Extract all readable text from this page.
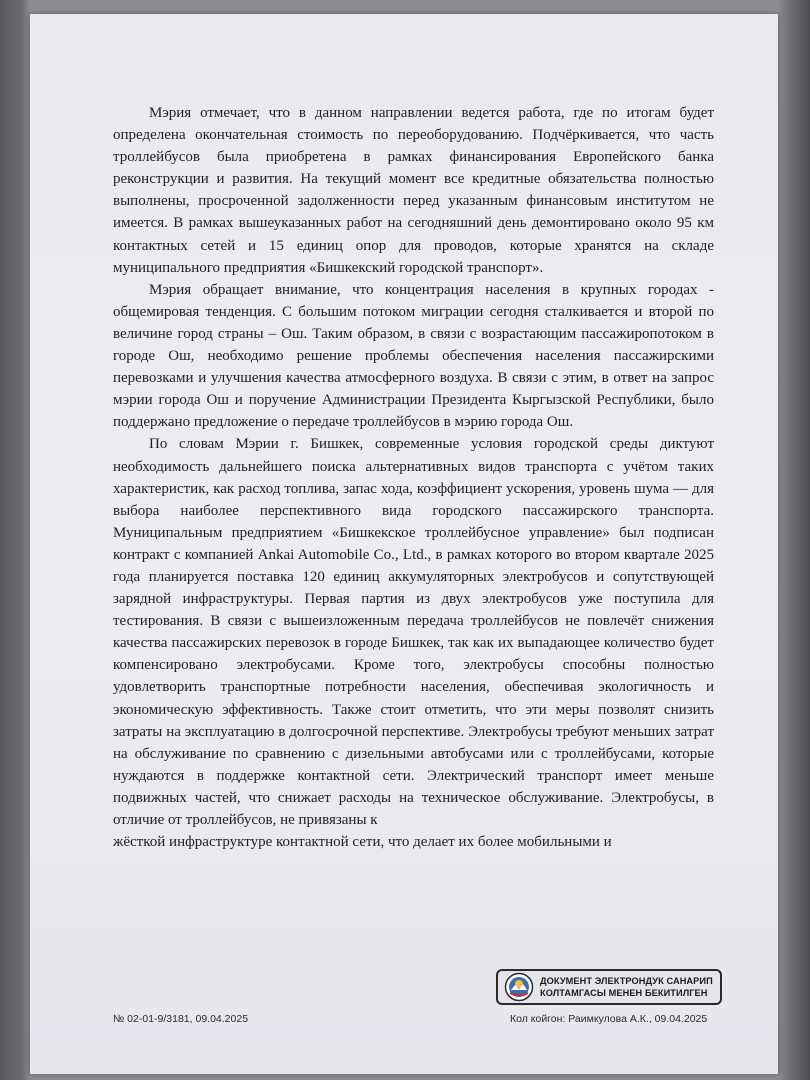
Мэрия отмечает, что в данном направлении ведется работа, где по итогам будет определена окончательная стоимость по переоборудованию. Подчёркивается, что часть троллейбусов была приобретена в рамках финансирования Европейского банка реконструкции и развития. На текущий момент все кредитные обязательства полностью выполнены, просроченной задолженности перед указанным финансовым институтом не имеется. В рамках вышеуказанных работ на сегодняшний день демонтировано около 95 км контактных сетей и 15 единиц опор для проводов, которые хранятся на складе муниципального предприятия «Бишкекский городской транспорт».

Мэрия обращает внимание, что концентрация населения в крупных городах - общемировая тенденция. С большим потоком миграции сегодня сталкивается и второй по величине город страны – Ош. Таким образом, в связи с возрастающим пассажиропотоком в городе Ош, необходимо решение проблемы обеспечения населения пассажирскими перевозками и улучшения качества атмосферного воздуха. В связи с этим, в ответ на запрос мэрии города Ош и поручение Администрации Президента Кыргызской Республики, было поддержано предложение о передаче троллейбусов в мэрию города Ош.

По словам Мэрии г. Бишкек, современные условия городской среды диктуют необходимость дальнейшего поиска альтернативных видов транспорта с учётом таких характеристик, как расход топлива, запас хода, коэффициент ускорения, уровень шума — для выбора наиболее перспективного вида городского пассажирского транспорта. Муниципальным предприятием «Бишкекское троллейбусное управление» был подписан контракт с компанией Ankai Automobile Co., Ltd., в рамках которого во втором квартале 2025 года планируется поставка 120 единиц аккумуляторных электробусов и сопутствующей зарядной инфраструктуры. Первая партия из двух электробусов уже поступила для тестирования. В связи с вышеизложенным передача троллейбусов не повлечёт снижения качества пассажирских перевозок в городе Бишкек, так как их выпадающее количество будет компенсировано электробусами. Кроме того, электробусы способны полностью удовлетворить транспортные потребности населения, обеспечивая экологичность и экономическую эффективность. Также стоит отметить, что эти меры позволят снизить затраты на эксплуатацию в долгосрочной перспективе. Электробусы требуют меньших затрат на обслуживание по сравнению с дизельными автобусами или с троллейбусами, которые нуждаются в поддержке контактной сети. Электрический транспорт имеет меньше подвижных частей, что снижает расходы на техническое обслуживание. Электробусы, в отличие от троллейбусов, не привязаны к

жёсткой инфраструктуре контактной сети, что делает их более мобильными и

ДОКУМЕНТ ЭЛЕКТРОНДУК САНАРИП
КОЛТАМГАСЫ МЕНЕН БЕКИТИЛГЕН
№ 02-01-9/3181, 09.04.2025	Кол койгон: Раимкулова А.К., 09.04.2025
